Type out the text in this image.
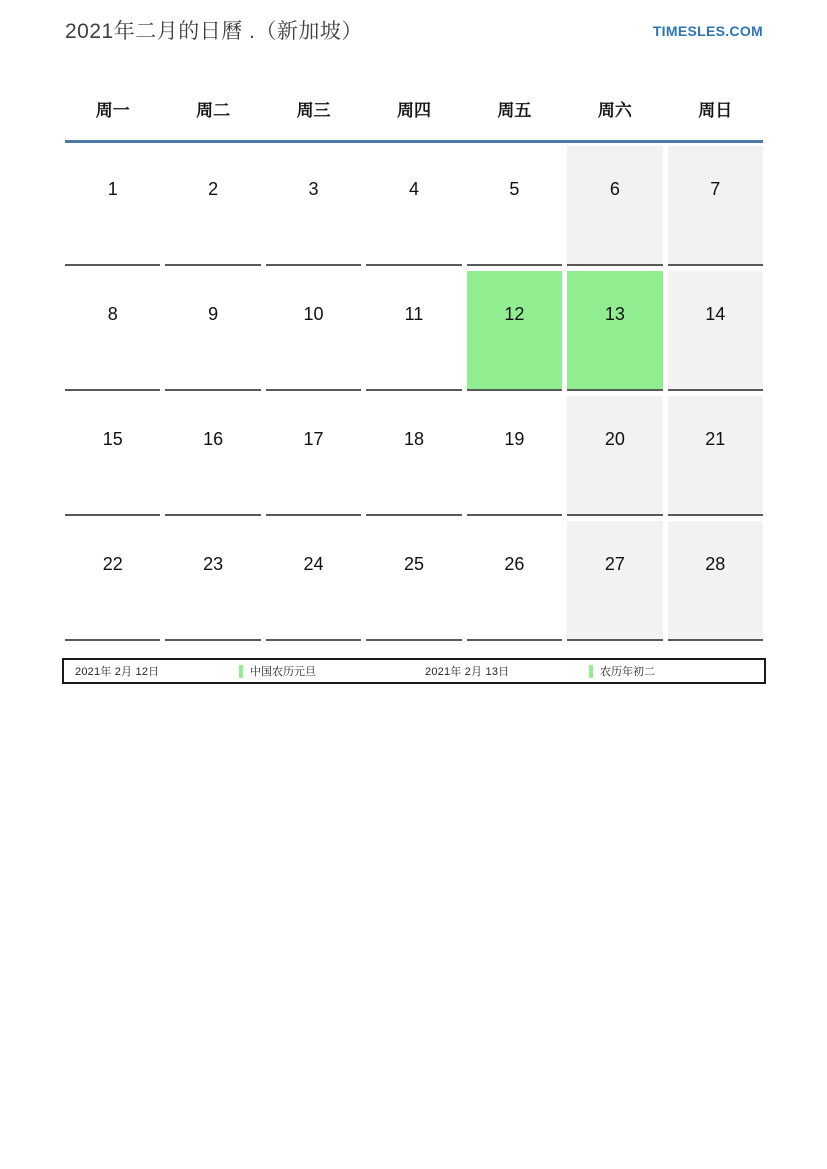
2021年二月的日曆 .（新加坡）	TIMESLES.COM
周一	周二	周三	周四	周五	周六	周日
1	2	3	4	5	6	7
8	9	10	11	12	13	14
15	16	17	18	19	20	21
22	23	24	25	26	27	28
2021年 2月 12日	中国农历元旦	2021年 2月 13日	农历年初二
